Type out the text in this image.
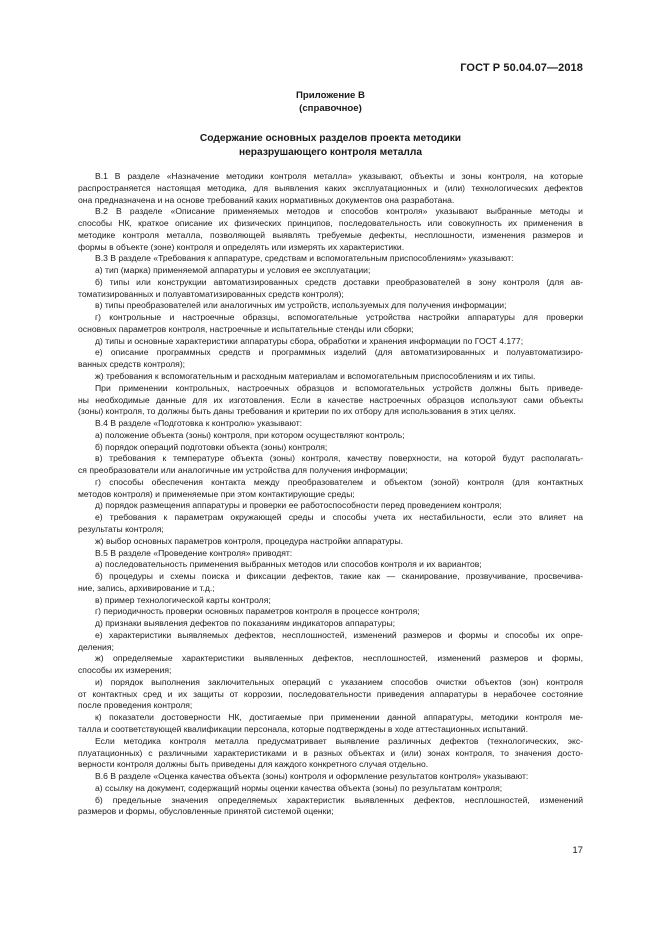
ГОСТ Р 50.04.07—2018
Приложение В
(справочное)
Содержание основных разделов проекта методики
неразрушающего контроля металла

В.1 В разделе «Назначение методики контроля металла» указывают, объекты и зоны контроля, на которые

распространяется настоящая методика, для выявления каких эксплуатационных и (или) технологических дефектов

она предназначена и на основе требований каких нормативных документов она разработана.

В.2 В разделе «Описание применяемых методов и способов контроля» указывают выбранные методы и

способы НК, краткое описание их физических принципов, последовательность или совокупность их применения в

методике контроля металла, позволяющей выявлять требуемые дефекты, несплошности, изменения размеров и

формы в объекте (зоне) контроля и определять или измерять их характеристики.

В.3 В разделе «Требования к аппаратуре, средствам и вспомогательным приспособлениям» указывают:

а) тип (марка) применяемой аппаратуры и условия ее эксплуатации;

б) типы или конструкции автоматизированных средств доставки преобразователей в зону контроля (для ав-

томатизированных и полуавтоматизированных средств контроля);

в) типы преобразователей или аналогичных им устройств, используемых для получения информации;

г) контрольные и настроечные образцы, вспомогательные устройства настройки аппаратуры для проверки

основных параметров контроля, настроечные и испытательные стенды или сборки;

д) типы и основные характеристики аппаратуры сбора, обработки и хранения информации по ГОСТ 4.177;

е) описание программных средств и программных изделий (для автоматизированных и полуавтоматизиро-

ванных средств контроля);

ж) требования к вспомогательным и расходным материалам и вспомогательным приспособлениям и их типы.

При применении контрольных, настроечных образцов и вспомогательных устройств должны быть приведе-

ны необходимые данные для их изготовления. Если в качестве настроечных образцов используют сами объекты

(зоны) контроля, то должны быть даны требования и критерии по их отбору для использования в этих целях.

В.4 В разделе «Подготовка к контролю» указывают:

а) положение объекта (зоны) контроля, при котором осуществляют контроль;

б) порядок операций подготовки объекта (зоны) контроля;

в) требования к температуре объекта (зоны) контроля, качеству поверхности, на которой будут располагать-

ся преобразователи или аналогичные им устройства для получения информации;

г) способы обеспечения контакта между преобразователем и объектом (зоной) контроля (для контактных

методов контроля) и применяемые при этом контактирующие среды;

д) порядок размещения аппаратуры и проверки ее работоспособности перед проведением контроля;

е) требования к параметрам окружающей среды и способы учета их нестабильности, если это влияет на

результаты контроля;

ж) выбор основных параметров контроля, процедура настройки аппаратуры.

В.5 В разделе «Проведение контроля» приводят:

а) последовательность применения выбранных методов или способов контроля и их вариантов;

б) процедуры и схемы поиска и фиксации дефектов, такие как — сканирование, прозвучивание, просвечива-

ние, запись, архивирование и т.д.;

в) пример технологической карты контроля;

г) периодичность проверки основных параметров контроля в процессе контроля;

д) признаки выявления дефектов по показаниям индикаторов аппаратуры;

е) характеристики выявляемых дефектов, несплошностей, изменений размеров и формы и способы их опре-

деления;

ж) определяемые характеристики выявленных дефектов, несплошностей, изменений размеров и формы,

способы их измерения;

и) порядок выполнения заключительных операций с указанием способов очистки объектов (зон) контроля

от контактных сред и их защиты от коррозии, последовательности приведения аппаратуры в нерабочее состояние

после проведения контроля;

к) показатели достоверности НК, достигаемые при применении данной аппаратуры, методики контроля ме-

талла и соответствующей квалификации персонала, которые подтверждены в ходе аттестационных испытаний.

Если методика контроля металла предусматривает выявление различных дефектов (технологических, экс-

плуатационных) с различными характеристиками и в разных объектах и (или) зонах контроля, то значения досто-

верности контроля должны быть приведены для каждого конкретного случая отдельно.

В.6 В разделе «Оценка качества объекта (зоны) контроля и оформление результатов контроля» указывают:

а) ссылку на документ, содержащий нормы оценки качества объекта (зоны) по результатам контроля;

б) предельные значения определяемых характеристик выявленных дефектов, несплошностей, изменений

размеров и формы, обусловленные принятой системой оценки;

17
